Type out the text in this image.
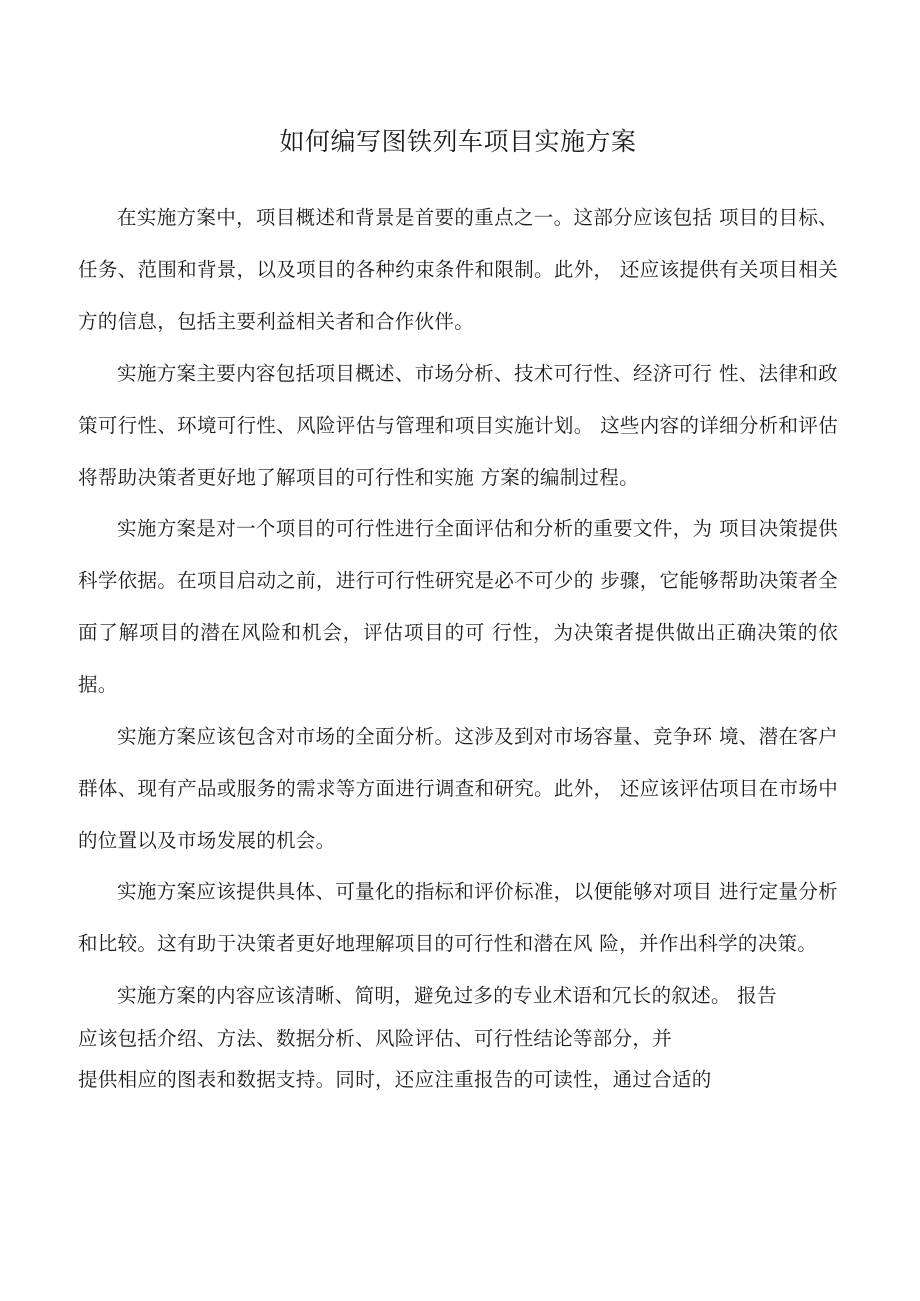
如何编写图铁列车项目实施方案

在实施方案中，项目概述和背景是首要的重点之一。这部分应该包括 项目的目标、任务、范围和背景，以及项目的各种约束条件和限制。此外， 还应该提供有关项目相关方的信息，包括主要利益相关者和合作伙伴。

实施方案主要内容包括项目概述、市场分析、技术可行性、经济可行 性、法律和政策可行性、环境可行性、风险评估与管理和项目实施计划。 这些内容的详细分析和评估将帮助决策者更好地了解项目的可行性和实施 方案的编制过程。

实施方案是对一个项目的可行性进行全面评估和分析的重要文件，为 项目决策提供科学依据。在项目启动之前，进行可行性研究是必不可少的 步骤，它能够帮助决策者全面了解项目的潜在风险和机会，评估项目的可 行性，为决策者提供做出正确决策的依据。

实施方案应该包含对市场的全面分析。这涉及到对市场容量、竞争环 境、潜在客户群体、现有产品或服务的需求等方面进行调查和研究。此外， 还应该评估项目在市场中的位置以及市场发展的机会。

实施方案应该提供具体、可量化的指标和评价标准，以便能够对项目 进行定量分析和比较。这有助于决策者更好地理解项目的可行性和潜在风 险，并作出科学的决策。

实施方案的内容应该清晰、简明，避免过多的专业术语和冗长的叙述。 报告
应该包括介绍、方法、数据分析、风险评估、可行性结论等部分，并
提供相应的图表和数据支持。同时，还应注重报告的可读性，通过合适的
